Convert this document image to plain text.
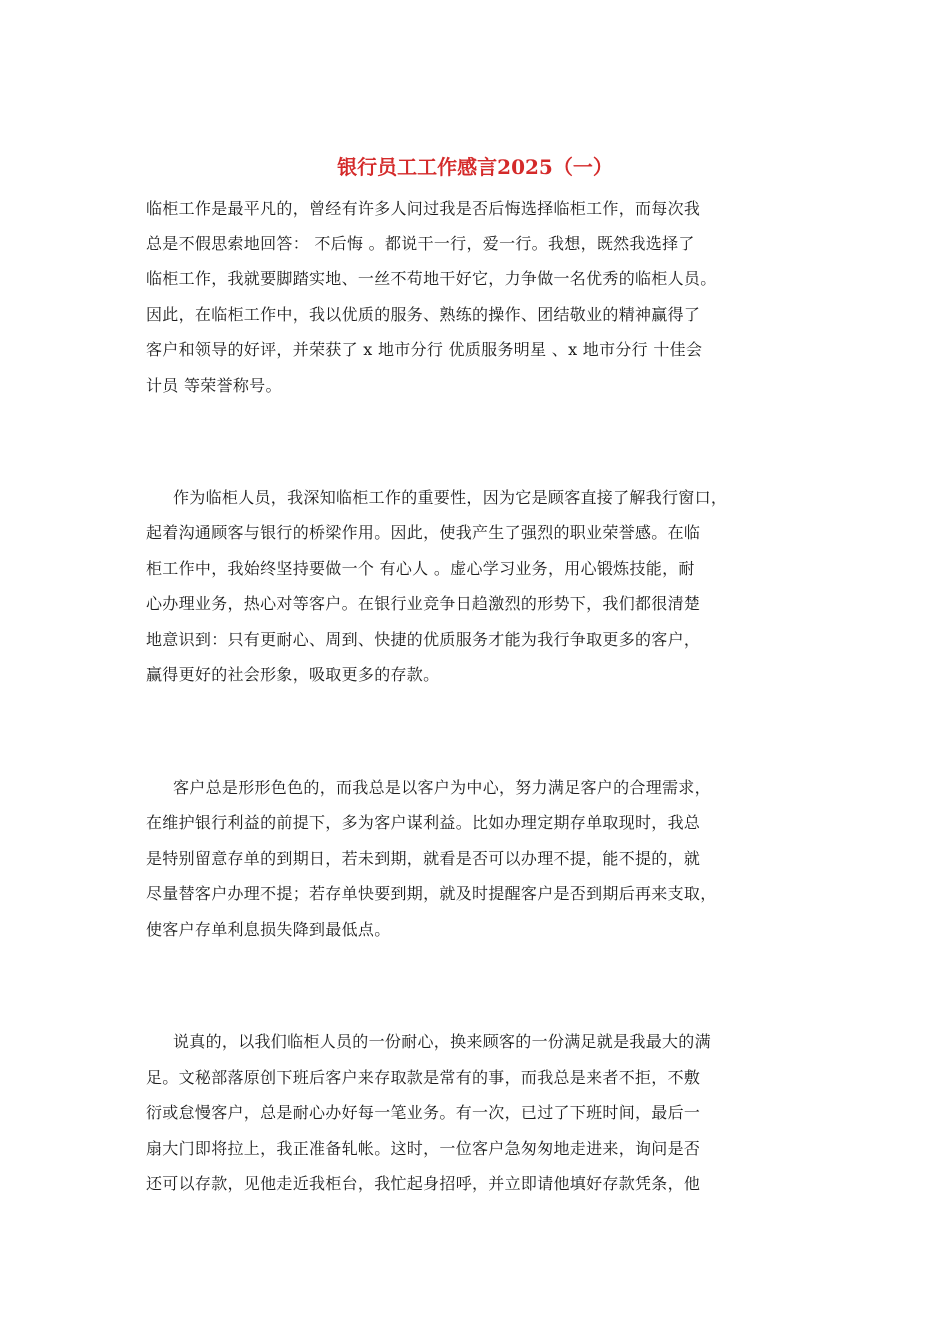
银行员工工作感言2025（一）
临柜工作是最平凡的，曾经有许多人问过我是否后悔选择临柜工作，而每次我
总是不假思索地回答： 不后悔 。都说干一行，爱一行。我想，既然我选择了
临柜工作，我就要脚踏实地、一丝不苟地干好它，力争做一名优秀的临柜人员。
因此，在临柜工作中，我以优质的服务、熟练的操作、团结敬业的精神赢得了
客户和领导的好评，并荣获了 x 地市分行 优质服务明星 、x 地市分行 十佳会
计员 等荣誉称号。
作为临柜人员，我深知临柜工作的重要性，因为它是顾客直接了解我行窗口，
起着沟通顾客与银行的桥梁作用。因此，使我产生了强烈的职业荣誉感。在临
柜工作中，我始终坚持要做一个 有心人 。虚心学习业务，用心锻炼技能，耐
心办理业务，热心对等客户。在银行业竞争日趋激烈的形势下，我们都很清楚
地意识到：只有更耐心、周到、快捷的优质服务才能为我行争取更多的客户，
赢得更好的社会形象，吸取更多的存款。
客户总是形形色色的，而我总是以客户为中心，努力满足客户的合理需求，
在维护银行利益的前提下，多为客户谋利益。比如办理定期存单取现时，我总
是特别留意存单的到期日，若未到期，就看是否可以办理不提，能不提的，就
尽量替客户办理不提；若存单快要到期，就及时提醒客户是否到期后再来支取，
使客户存单利息损失降到最低点。
说真的，以我们临柜人员的一份耐心，换来顾客的一份满足就是我最大的满
足。文秘部落原创下班后客户来存取款是常有的事，而我总是来者不拒，不敷
衍或怠慢客户，总是耐心办好每一笔业务。有一次，已过了下班时间，最后一
扇大门即将拉上，我正准备轧帐。这时，一位客户急匆匆地走进来，询问是否
还可以存款，见他走近我柜台，我忙起身招呼，并立即请他填好存款凭条，他
